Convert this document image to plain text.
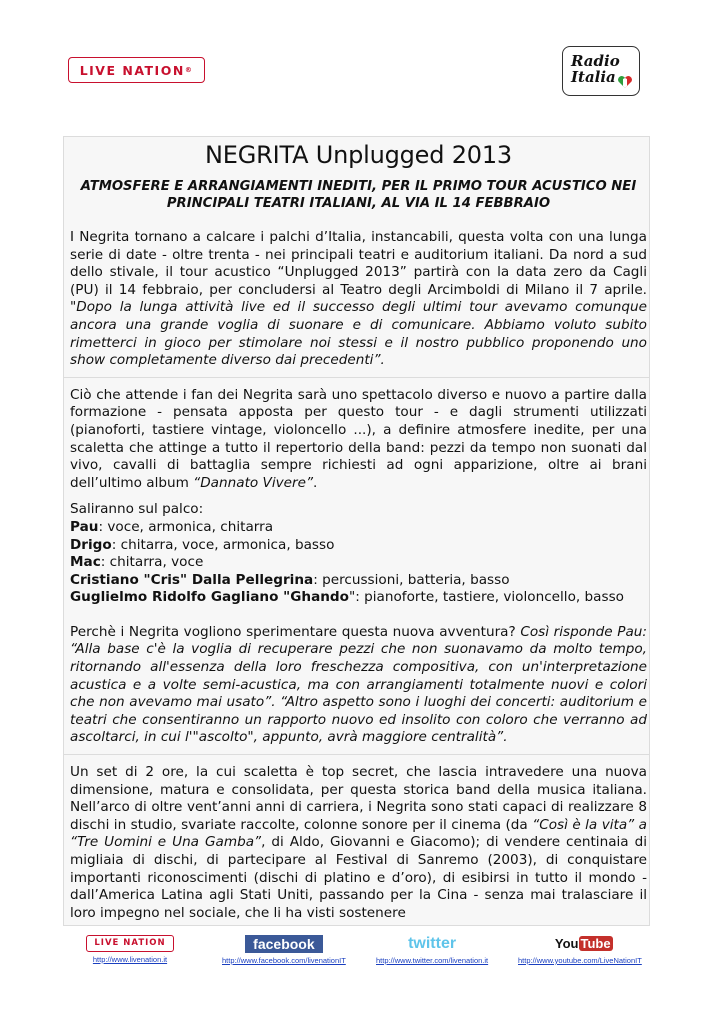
LIVE NATION ®	Radio
Italia
NEGRITA Unplugged 2013
ATMOSFERE E ARRANGIAMENTI INEDITI, PER IL PRIMO TOUR ACUSTICO NEI PRINCIPALI TEATRI ITALIANI, AL VIA IL 14 FEBBRAIO

I Negrita tornano a calcare i palchi d’Italia, instancabili, questa volta con una lunga serie di date - oltre trenta - nei principali teatri e auditorium italiani. Da nord a sud dello stivale, il tour acustico “Unplugged 2013” partirà con la data zero da Cagli (PU) il 14 febbraio, per concludersi al Teatro degli Arcimboldi di Milano il 7 aprile. "Dopo la lunga attività live ed il successo degli ultimi tour avevamo comunque ancora una grande voglia di suonare e di comunicare. Abbiamo voluto subito rimetterci in gioco per stimolare noi stessi e il nostro pubblico proponendo uno show completamente diverso dai precedenti”.

Ciò che attende i fan dei Negrita sarà uno spettacolo diverso e nuovo a partire dalla formazione - pensata apposta per questo tour - e dagli strumenti utilizzati (pianoforti, tastiere vintage, violoncello ...), a definire atmosfere inedite, per una scaletta che attinge a tutto il repertorio della band: pezzi da tempo non suonati dal vivo, cavalli di battaglia sempre richiesti ad ogni apparizione, oltre ai brani dell’ultimo album “Dannato Vivere”.

Saliranno sul palco:
Pau: voce, armonica, chitarra
Drigo: chitarra, voce, armonica, basso
Mac: chitarra, voce
Cristiano "Cris" Dalla Pellegrina: percussioni, batteria, basso
Guglielmo Ridolfo Gagliano "Ghando": pianoforte, tastiere, violoncello, basso

Perchè i Negrita vogliono sperimentare questa nuova avventura? Così risponde Pau: “Alla base c'è la voglia di recuperare pezzi che non suonavamo da molto tempo, ritornando all'essenza della loro freschezza compositiva, con un'interpretazione acustica e a volte semi-acustica, ma con arrangiamenti totalmente nuovi e colori che non avevamo mai usato”. “Altro aspetto sono i luoghi dei concerti: auditorium e teatri che consentiranno un rapporto nuovo ed insolito con coloro che verranno ad ascoltarci, in cui l'"ascolto", appunto, avrà maggiore centralità”.

Un set di 2 ore, la cui scaletta è top secret, che lascia intravedere una nuova dimensione, matura e consolidata, per questa storica band della musica italiana. Nell’arco di oltre vent’anni anni di carriera, i Negrita sono stati capaci di realizzare 8 dischi in studio, svariate raccolte, colonne sonore per il cinema (da “Così è la vita” a “Tre Uomini e Una Gamba”, di Aldo, Giovanni e Giacomo); di vendere centinaia di migliaia di dischi, di partecipare al Festival di Sanremo (2003), di conquistare importanti riconoscimenti (dischi di platino e d’oro), di esibirsi in tutto il mondo - dall’America Latina agli Stati Uniti, passando per la Cina - senza mai tralasciare il loro impegno nel sociale, che li ha visti sostenere

LIVE NATION
http://www.livenation.it
facebook
http://www.facebook.com/livenationIT
twitter
http://www.twitter.com/livenation.it
You Tube
http://www.youtube.com/LiveNationIT
